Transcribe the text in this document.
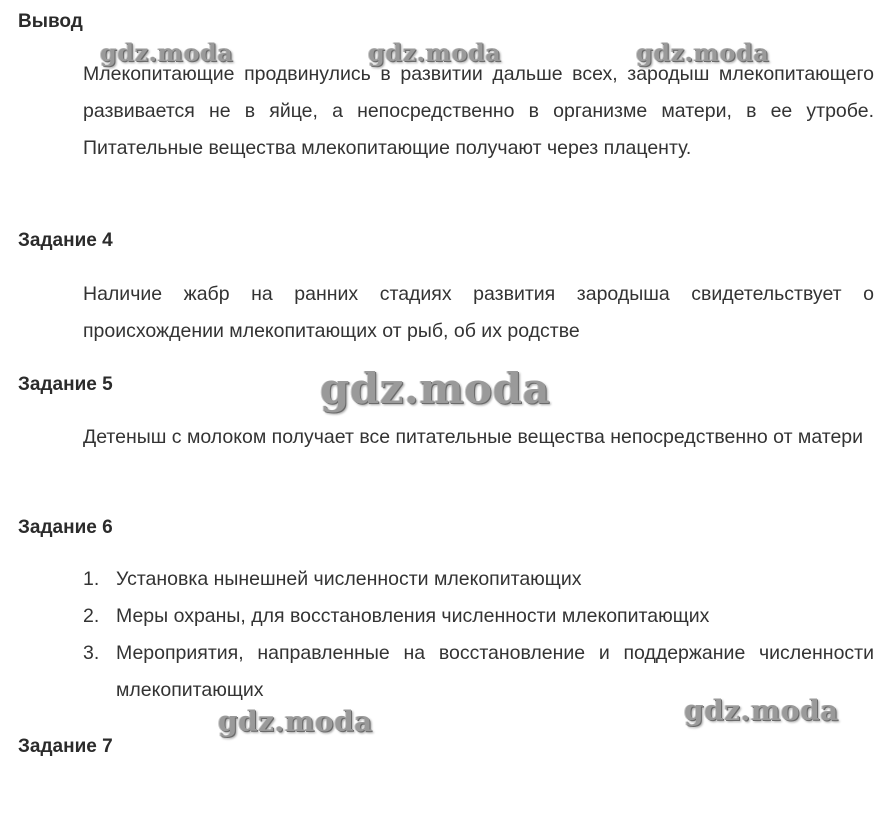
Вывод

Млекопитающие продвинулись в развитии дальше всех, зародыш млекопитающего развивается не в яйце, а непосредственно в организме матери, в ее утробе. Питательные вещества млекопитающие получают через плаценту.

Задание 4

Наличие жабр на ранних стадиях развития зародыша свидетельствует о происхождении млекопитающих от рыб, об их родстве

Задание 5

Детеныш с молоком получает все питательные вещества непосредственно от матери

Задание 6
1. Установка нынешней численности млекопитающих
2. Меры охраны, для восстановления численности млекопитающих
3. Мероприятия, направленные на восстановление и поддержание численности млекопитающих
Задание 7
gdz.moda	gdz.moda	gdz.moda
gdz.moda
gdz.moda	gdz.moda
